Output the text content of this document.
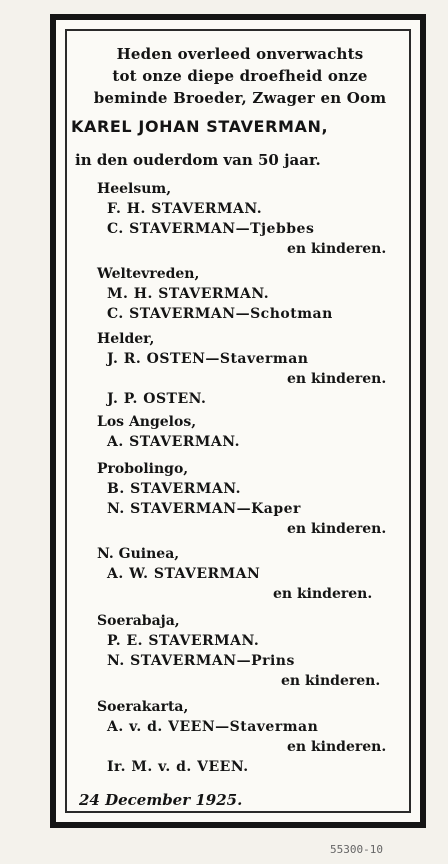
Heden overleed onverwachts
tot onze diepe droefheid onze
beminde Broeder, Zwager en Oom
KAREL JOHAN STAVERMAN,
in den ouderdom van 50 jaar.
Heelsum,
F. H. STAVERMAN.
C. STAVERMAN—Tjebbes
en kinderen.
Weltevreden,
M. H. STAVERMAN.
C. STAVERMAN—Schotman
Helder,
J. R. OSTEN—Staverman
en kinderen.
J. P. OSTEN.
Los Angelos,
A. STAVERMAN.
Probolingo,
B. STAVERMAN.
N. STAVERMAN—Kaper
en kinderen.
N. Guinea,
A. W. STAVERMAN
en kinderen.
Soerabaja,
P. E. STAVERMAN.
N. STAVERMAN—Prins
en kinderen.
Soerakarta,
A. v. d. VEEN—Staverman
en kinderen.
Ir. M. v. d. VEEN.
24 December 1925.
55300-10
